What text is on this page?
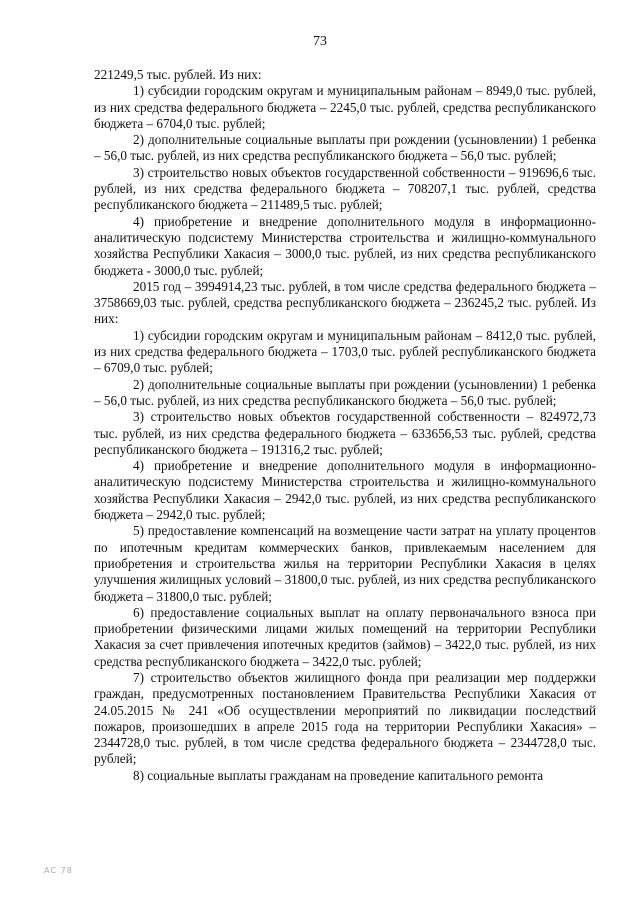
73

221249,5 тыс. рублей. Из них:

1) субсидии городским округам и муниципальным районам – 8949,0 тыс. рублей, из них средства федерального бюджета – 2245,0 тыс. рублей, средства республиканского бюджета – 6704,0 тыс. рублей;

2) дополнительные социальные выплаты при рождении (усыновлении) 1 ребенка – 56,0 тыс. рублей, из них средства республиканского бюджета – 56,0 тыс. рублей;

3) строительство новых объектов государственной собственности – 919696,6 тыс. рублей, из них средства федерального бюджета – 708207,1 тыс. рублей, средства республиканского бюджета – 211489,5 тыс. рублей;

4) приобретение и внедрение дополнительного модуля в информационно-аналитическую подсистему Министерства строительства и жилищно-коммунального хозяйства Республики Хакасия – 3000,0 тыс. рублей, из них средства республиканского бюджета - 3000,0 тыс. рублей;

2015 год – 3994914,23 тыс. рублей, в том числе средства федерального бюджета – 3758669,03 тыс. рублей, средства республиканского бюджета – 236245,2 тыс. рублей. Из них:

1) субсидии городским округам и муниципальным районам – 8412,0 тыс. рублей, из них средства федерального бюджета – 1703,0 тыс. рублей республиканского бюджета – 6709,0 тыс. рублей;

2) дополнительные социальные выплаты при рождении (усыновлении) 1 ребенка – 56,0 тыс. рублей, из них средства республиканского бюджета – 56,0 тыс. рублей;

3) строительство новых объектов государственной собственности – 824972,73 тыс. рублей, из них средства федерального бюджета – 633656,53 тыс. рублей, средства республиканского бюджета – 191316,2 тыс. рублей;

4) приобретение и внедрение дополнительного модуля в информационно-аналитическую подсистему Министерства строительства и жилищно-коммунального хозяйства Республики Хакасия – 2942,0 тыс. рублей, из них средства республиканского бюджета – 2942,0 тыс. рублей;

5) предоставление компенсаций на возмещение части затрат на уплату процентов по ипотечным кредитам коммерческих банков, привлекаемым населением для приобретения и строительства жилья на территории Республики Хакасия в целях улучшения жилищных условий – 31800,0 тыс. рублей, из них средства республиканского бюджета – 31800,0 тыс. рублей;

6) предоставление социальных выплат на оплату первоначального взноса при приобретении физическими лицами жилых помещений на территории Республики Хакасия за счет привлечения ипотечных кредитов (займов) – 3422,0 тыс. рублей, из них средства республиканского бюджета – 3422,0 тыс. рублей;

7) строительство объектов жилищного фонда при реализации мер поддержки граждан, предусмотренных постановлением Правительства Республики Хакасия от 24.05.2015 № 241 «Об осуществлении мероприятий по ликвидации последствий пожаров, произошедших в апреле 2015 года на территории Республики Хакасия» – 2344728,0 тыс. рублей, в том числе средства федерального бюджета – 2344728,0 тыс. рублей;

8) социальные выплаты гражданам на проведение капитального ремонта

АС 78
